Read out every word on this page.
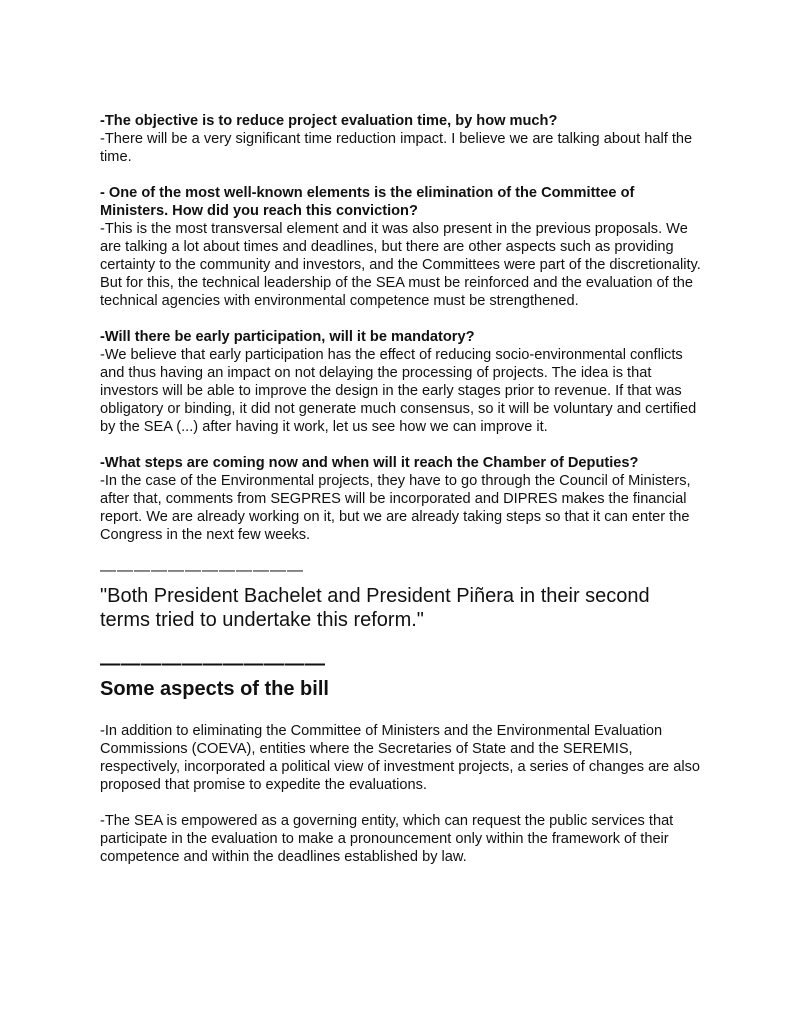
-The objective is to reduce project evaluation time, by how much?

-There will be a very significant time reduction impact. I believe we are talking about half the time.

- One of the most well-known elements is the elimination of the Committee of Ministers. How did you reach this conviction?

-This is the most transversal element and it was also present in the previous proposals. We are talking a lot about times and deadlines, but there are other aspects such as providing certainty to the community and investors, and the Committees were part of the discretionality. But for this, the technical leadership of the SEA must be reinforced and the evaluation of the technical agencies with environmental competence must be strengthened.

-Will there be early participation, will it be mandatory?

-We believe that early participation has the effect of reducing socio-environmental conflicts and thus having an impact on not delaying the processing of projects. The idea is that investors will be able to improve the design in the early stages prior to revenue. If that was obligatory or binding, it did not generate much consensus, so it will be voluntary and certified by the SEA (...) after having it work, let us see how we can improve it.

-What steps are coming now and when will it reach the Chamber of Deputies?

-In the case of the Environmental projects, they have to go through the Council of Ministers, after that, comments from SEGPRES will be incorporated and DIPRES makes the financial report. We are already working on it, but we are already taking steps so that it can enter the Congress in the next few weeks.

————————————

"Both President Bachelet and President Piñera in their second terms tried to undertake this reform."

———————————
Some aspects of the bill

-In addition to eliminating the Committee of Ministers and the Environmental Evaluation Commissions (COEVA), entities where the Secretaries of State and the SEREMIS, respectively, incorporated a political view of investment projects, a series of changes are also proposed that promise to expedite the evaluations.

-The SEA is empowered as a governing entity, which can request the public services that participate in the evaluation to make a pronouncement only within the framework of their competence and within the deadlines established by law.
